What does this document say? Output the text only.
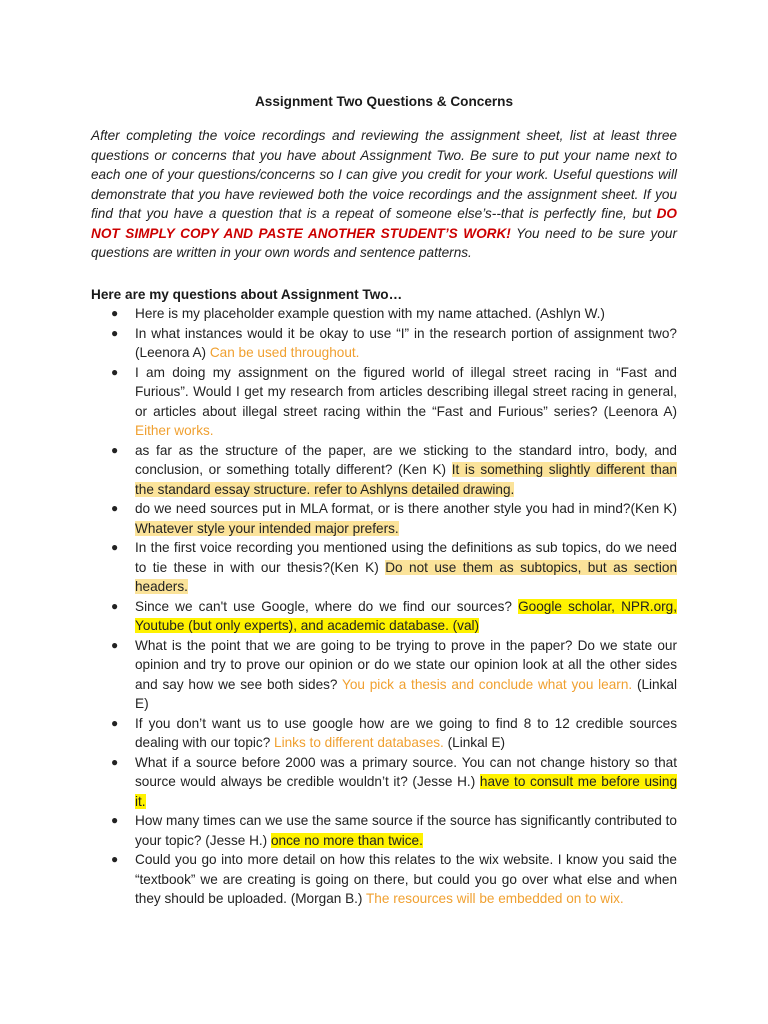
Assignment Two Questions & Concerns

After completing the voice recordings and reviewing the assignment sheet, list at least three questions or concerns that you have about Assignment Two. Be sure to put your name next to each one of your questions/concerns so I can give you credit for your work. Useful questions will demonstrate that you have reviewed both the voice recordings and the assignment sheet. If you find that you have a question that is a repeat of someone else’s--that is perfectly fine, but DO NOT SIMPLY COPY AND PASTE ANOTHER STUDENT’S WORK! You need to be sure your questions are written in your own words and sentence patterns.

Here are my questions about Assignment Two…
● Here is my placeholder example question with my name attached. (Ashlyn W.)
● In what instances would it be okay to use “I” in the research portion of assignment two? (Leenora A) Can be used throughout.
● I am doing my assignment on the figured world of illegal street racing in “Fast and Furious”. Would I get my research from articles describing illegal street racing in general, or articles about illegal street racing within the “Fast and Furious” series? (Leenora A) Either works.
● as far as the structure of the paper, are we sticking to the standard intro, body, and conclusion, or something totally different? (Ken K) It is something slightly different than the standard essay structure. refer to Ashlyns detailed drawing.
● do we need sources put in MLA format, or is there another style you had in mind?(Ken K) Whatever style your intended major prefers.
● In the first voice recording you mentioned using the definitions as sub topics, do we need to tie these in with our thesis?(Ken K) Do not use them as subtopics, but as section headers.
● Since we can't use Google, where do we find our sources? Google scholar, NPR.org, Youtube (but only experts), and academic database. (val)
● What is the point that we are going to be trying to prove in the paper? Do we state our opinion and try to prove our opinion or do we state our opinion look at all the other sides and say how we see both sides? You pick a thesis and conclude what you learn. (Linkal E)
● If you don’t want us to use google how are we going to find 8 to 12 credible sources dealing with our topic? Links to different databases. (Linkal E)
● What if a source before 2000 was a primary source. You can not change history so that source would always be credible wouldn’t it? (Jesse H.) have to consult me before using it.
● How many times can we use the same source if the source has significantly contributed to your topic? (Jesse H.) once no more than twice.
● Could you go into more detail on how this relates to the wix website. I know you said the “textbook” we are creating is going on there, but could you go over what else and when they should be uploaded. (Morgan B.) The resources will be embedded on to wix.
